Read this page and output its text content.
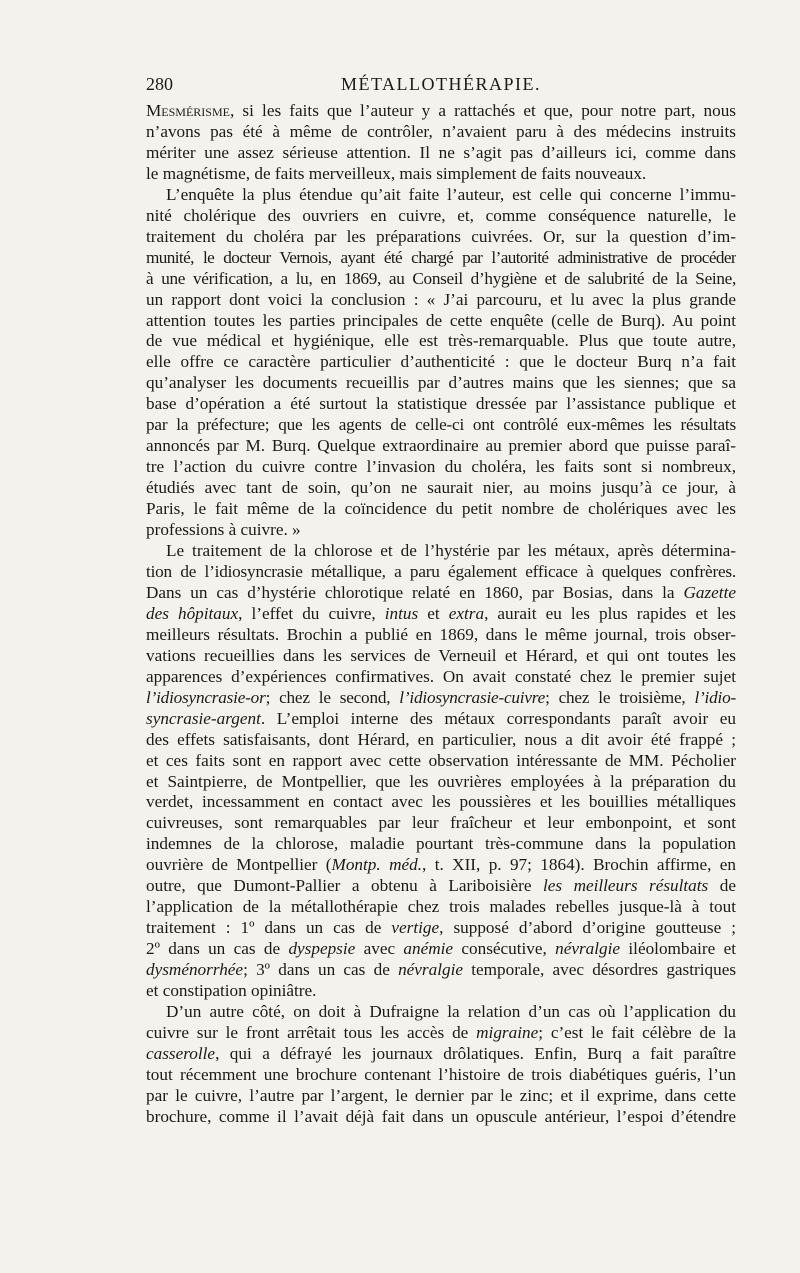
280	MÉTALLOTHÉRAPIE.
Mesmérisme, si les faits que l’auteur y a rattachés et que, pour notre part, nous
n’avons pas été à même de contrôler, n’avaient paru à des médecins instruits
mériter une assez sérieuse attention. Il ne s’agit pas d’ailleurs ici, comme dans
le magnétisme, de faits merveilleux, mais simplement de faits nouveaux.
L’enquête la plus étendue qu’ait faite l’auteur, est celle qui concerne l’immu-
nité cholérique des ouvriers en cuivre, et, comme conséquence naturelle, le
traitement du choléra par les préparations cuivrées. Or, sur la question d’im-
munité, le docteur Vernois, ayant été chargé par l’autorité administrative de procéder
à une vérification, a lu, en 1869, au Conseil d’hygiène et de salubrité de la Seine,
un rapport dont voici la conclusion : « J’ai parcouru, et lu avec la plus grande
attention toutes les parties principales de cette enquête (celle de Burq). Au point
de vue médical et hygiénique, elle est très-remarquable. Plus que toute autre,
elle offre ce caractère particulier d’authenticité : que le docteur Burq n’a fait
qu’analyser les documents recueillis par d’autres mains que les siennes; que sa
base d’opération a été surtout la statistique dressée par l’assistance publique et
par la préfecture; que les agents de celle-ci ont contrôlé eux-mêmes les résultats
annoncés par M. Burq. Quelque extraordinaire au premier abord que puisse paraî-
tre l’action du cuivre contre l’invasion du choléra, les faits sont si nombreux,
étudiés avec tant de soin, qu’on ne saurait nier, au moins jusqu’à ce jour, à
Paris, le fait même de la coïncidence du petit nombre de cholériques avec les
professions à cuivre. »
Le traitement de la chlorose et de l’hystérie par les métaux, après détermina-
tion de l’idiosyncrasie métallique, a paru également efficace à quelques confrères.
Dans un cas d’hystérie chlorotique relaté en 1860, par Bosias, dans la Gazette
des hôpitaux, l’effet du cuivre, intus et extra, aurait eu les plus rapides et les
meilleurs résultats. Brochin a publié en 1869, dans le même journal, trois obser-
vations recueillies dans les services de Verneuil et Hérard, et qui ont toutes les
apparences d’expériences confirmatives. On avait constaté chez le premier sujet
l’idiosyncrasie-or; chez le second, l’idiosyncrasie-cuivre; chez le troisième, l’idio-
syncrasie-argent. L’emploi interne des métaux correspondants paraît avoir eu
des effets satisfaisants, dont Hérard, en particulier, nous a dit avoir été frappé ;
et ces faits sont en rapport avec cette observation intéressante de MM. Pécholier
et Saintpierre, de Montpellier, que les ouvrières employées à la préparation du
verdet, incessamment en contact avec les poussières et les bouillies métalliques
cuivreuses, sont remarquables par leur fraîcheur et leur embonpoint, et sont
indemnes de la chlorose, maladie pourtant très-commune dans la population
ouvrière de Montpellier (Montp. méd., t. XII, p. 97; 1864). Brochin affirme, en
outre, que Dumont-Pallier a obtenu à Lariboisière les meilleurs résultats de
l’application de la métallothérapie chez trois malades rebelles jusque-là à tout
traitement : 1º dans un cas de vertige, supposé d’abord d’origine goutteuse ;
2º dans un cas de dyspepsie avec anémie consécutive, névralgie iléolombaire et
dysménorrhée; 3º dans un cas de névralgie temporale, avec désordres gastriques
et constipation opiniâtre.
D’un autre côté, on doit à Dufraigne la relation d’un cas où l’application du
cuivre sur le front arrêtait tous les accès de migraine; c’est le fait célèbre de la
casserolle, qui a défrayé les journaux drôlatiques. Enfin, Burq a fait paraître
tout récemment une brochure contenant l’histoire de trois diabétiques guéris, l’un
par le cuivre, l’autre par l’argent, le dernier par le zinc; et il exprime, dans cette
brochure, comme il l’avait déjà fait dans un opuscule antérieur, l’espoi d’étendre
